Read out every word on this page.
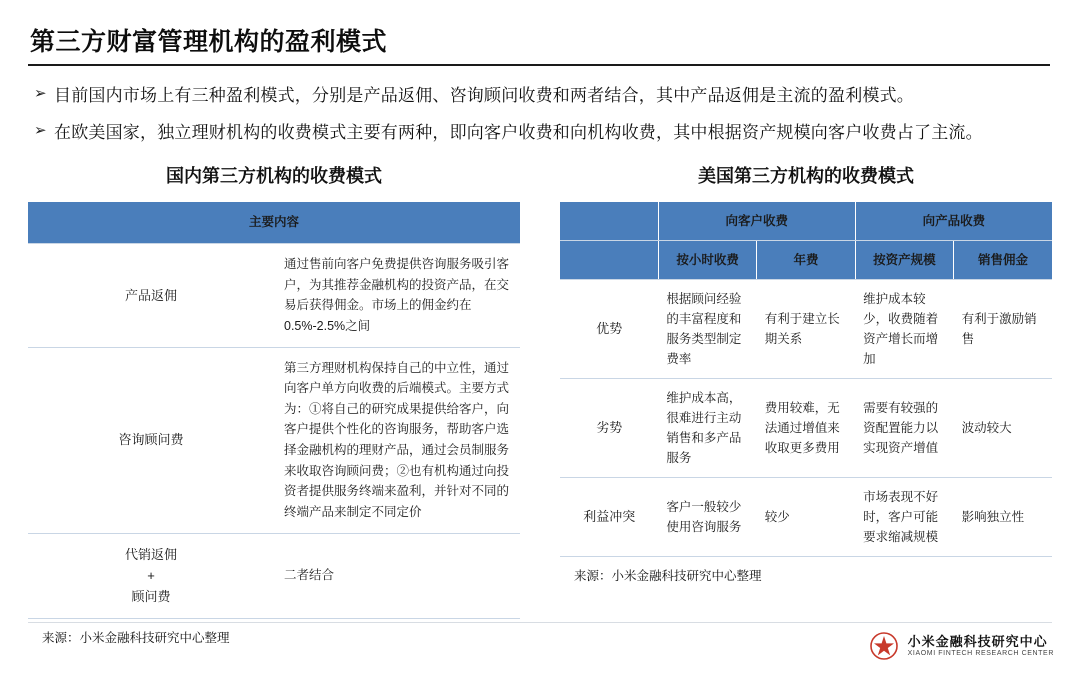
第三方财富管理机构的盈利模式
➢ 目前国内市场上有三种盈利模式，分别是产品返佣、咨询顾问收费和两者结合，其中产品返佣是主流的盈利模式。
➢ 在欧美国家，独立理财机构的收费模式主要有两种，即向客户收费和向机构收费，其中根据资产规模向客户收费占了主流。
国内第三方机构的收费模式
主要内容	
产品返佣	通过售前向客户免费提供咨询服务吸引客户，为其推荐金融机构的投资产品，在交易后获得佣金。市场上的佣金约在0.5%-2.5%之间
咨询顾问费	第三方理财机构保持自己的中立性，通过向客户单方向收费的后端模式。主要方式为：①将自己的研究成果提供给客户，向客户提供个性化的咨询服务，帮助客户选择金融机构的理财产品，通过会员制服务来收取咨询顾问费；②也有机构通过向投资者提供服务终端来盈利，并针对不同的终端产品来制定不同定价
代销返佣
+
顾问费	二者结合
来源：小米金融科技研究中心整理
美国第三方机构的收费模式
	向客户收费		向产品收费	
	按小时收费	年费	按资产规模	销售佣金
优势	根据顾问经验的丰富程度和服务类型制定费率	有利于建立长期关系	维护成本较少，收费随着资产增长而增加	有利于激励销售
劣势	维护成本高，很难进行主动销售和多产品服务	费用较难，无法通过增值来收取更多费用	需要有较强的资配置能力以实现资产增值	波动较大
利益冲突	客户一般较少使用咨询服务	较少	市场表现不好时，客户可能要求缩减规模	影响独立性
来源：小米金融科技研究中心整理
小米金融科技研究中心
XIAOMI FINTECH RESEARCH CENTER
